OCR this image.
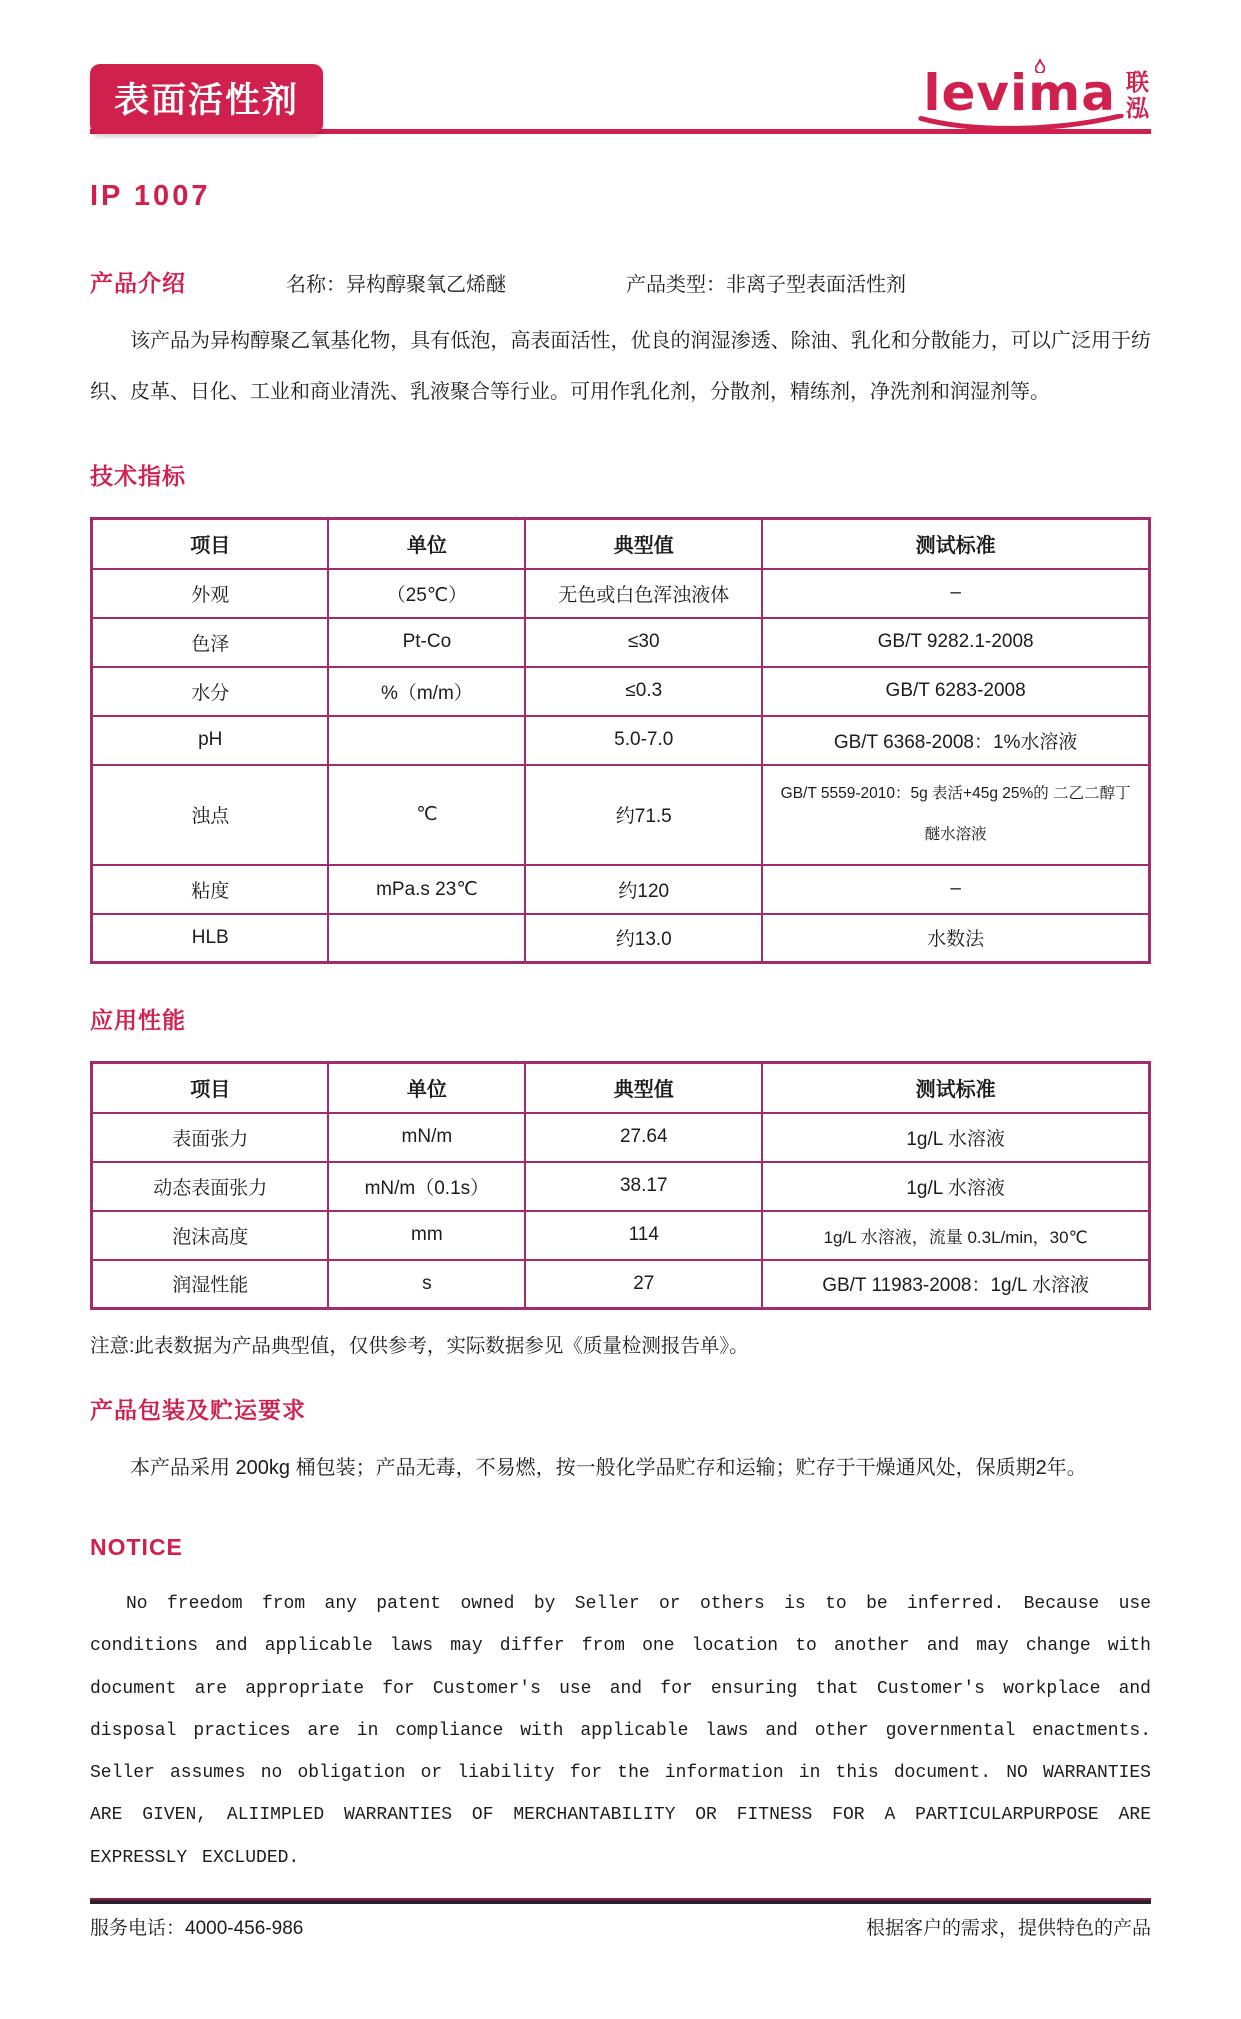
表面活性剂	levima 联
泓
IP 1007
产品介绍	名称：异构醇聚氧乙烯醚	产品类型：非离子型表面活性剂

该产品为异构醇聚乙氧基化物，具有低泡，高表面活性，优良的润湿渗透、除油、乳化和分散能力，可以广泛用于纺织、皮革、日化、工业和商业清洗、乳液聚合等行业。可用作乳化剂，分散剂，精练剂，净洗剂和润湿剂等。

技术指标
项目	单位	典型值	测试标准
外观	（25℃）	无色或白色浑浊液体	–
色泽	Pt-Co	≤30	GB/T 9282.1-2008
水分	%（m/m）	≤0.3	GB/T 6283-2008
pH		5.0-7.0	GB/T 6368-2008：1%水溶液
浊点	℃	约71.5	GB/T 5559-2010：5g 表活+45g 25%的 二乙二醇丁醚水溶液
粘度	mPa.s 23℃	约120	–
HLB		约13.0	水数法
应用性能
项目	单位	典型值	测试标准
表面张力	mN/m	27.64	1g/L 水溶液
动态表面张力	mN/m（0.1s）	38.17	1g/L 水溶液
泡沫高度	mm	114	1g/L 水溶液，流量 0.3L/min，30℃
润湿性能	s	27	GB/T 11983-2008：1g/L 水溶液
注意:此表数据为产品典型值，仅供参考，实际数据参见《质量检测报告单》。
产品包装及贮运要求

本产品采用 200kg 桶包装；产品无毒，不易燃，按一般化学品贮存和运输；贮存于干燥通风处，保质期2年。

NOTICE

No freedom from any patent owned by Seller or others is to be inferred. Because use conditions and applicable laws may differ from one location to another and may change with document are appropriate for Customer's use and for ensuring that Customer's workplace and disposal practices are in compliance with applicable laws and other governmental enactments. Seller assumes no obligation or liability for the information in this document. NO WARRANTIES ARE GIVEN, ALIIMPLED WARRANTIES OF MERCHANTABILITY OR FITNESS FOR A PARTICULARPURPOSE ARE EXPRESSLY EXCLUDED.

服务电话：4000-456-986	根据客户的需求，提供特色的产品
